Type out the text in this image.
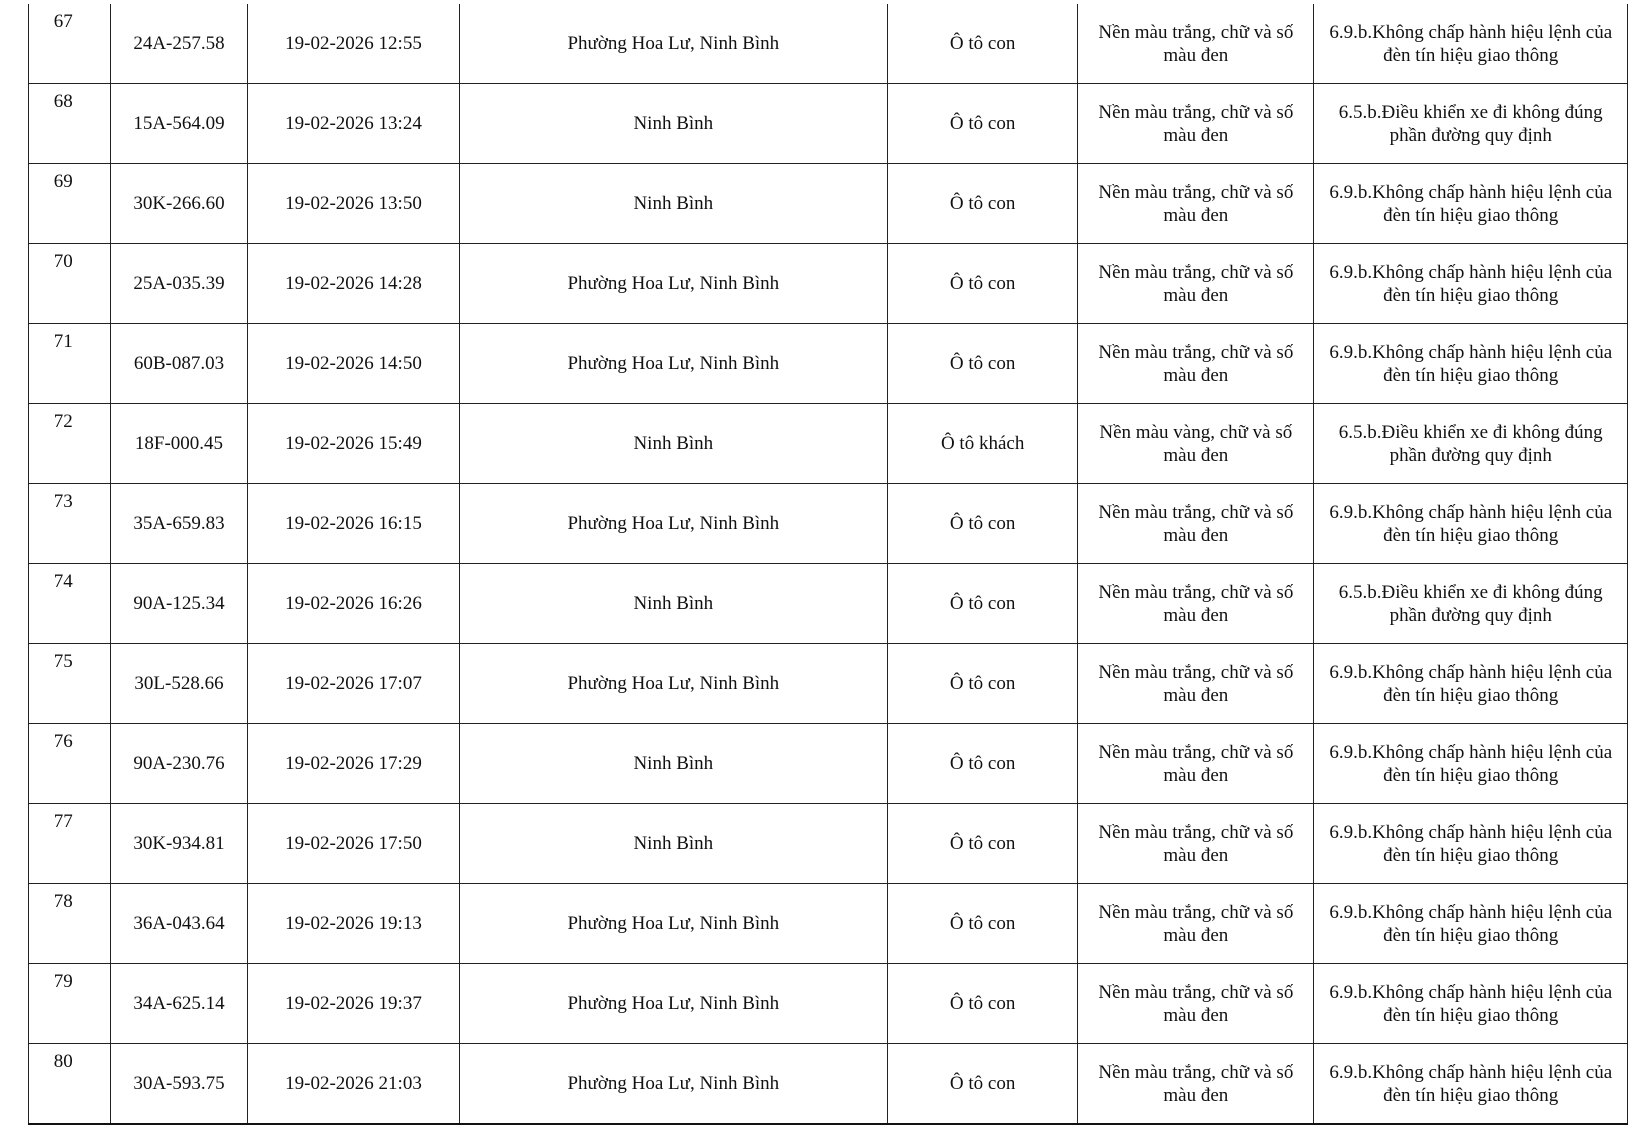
67	24A-257.58	19-02-2026 12:55	Phường Hoa Lư, Ninh Bình	Ô tô con	Nền màu trắng, chữ và số màu đen	6.9.b.Không chấp hành hiệu lệnh của đèn tín hiệu giao thông

68	15A-564.09	19-02-2026 13:24	Ninh Bình	Ô tô con	Nền màu trắng, chữ và số màu đen	6.5.b.Điều khiển xe đi không đúng phần đường quy định

69	30K-266.60	19-02-2026 13:50	Ninh Bình	Ô tô con	Nền màu trắng, chữ và số màu đen	6.9.b.Không chấp hành hiệu lệnh của đèn tín hiệu giao thông

70	25A-035.39	19-02-2026 14:28	Phường Hoa Lư, Ninh Bình	Ô tô con	Nền màu trắng, chữ và số màu đen	6.9.b.Không chấp hành hiệu lệnh của đèn tín hiệu giao thông

71	60B-087.03	19-02-2026 14:50	Phường Hoa Lư, Ninh Bình	Ô tô con	Nền màu trắng, chữ và số màu đen	6.9.b.Không chấp hành hiệu lệnh của đèn tín hiệu giao thông

72	18F-000.45	19-02-2026 15:49	Ninh Bình	Ô tô khách	Nền màu vàng, chữ và số màu đen	6.5.b.Điều khiển xe đi không đúng phần đường quy định

73	35A-659.83	19-02-2026 16:15	Phường Hoa Lư, Ninh Bình	Ô tô con	Nền màu trắng, chữ và số màu đen	6.9.b.Không chấp hành hiệu lệnh của đèn tín hiệu giao thông

74	90A-125.34	19-02-2026 16:26	Ninh Bình	Ô tô con	Nền màu trắng, chữ và số màu đen	6.5.b.Điều khiển xe đi không đúng phần đường quy định

75	30L-528.66	19-02-2026 17:07	Phường Hoa Lư, Ninh Bình	Ô tô con	Nền màu trắng, chữ và số màu đen	6.9.b.Không chấp hành hiệu lệnh của đèn tín hiệu giao thông

76	90A-230.76	19-02-2026 17:29	Ninh Bình	Ô tô con	Nền màu trắng, chữ và số màu đen	6.9.b.Không chấp hành hiệu lệnh của đèn tín hiệu giao thông

77	30K-934.81	19-02-2026 17:50	Ninh Bình	Ô tô con	Nền màu trắng, chữ và số màu đen	6.9.b.Không chấp hành hiệu lệnh của đèn tín hiệu giao thông

78	36A-043.64	19-02-2026 19:13	Phường Hoa Lư, Ninh Bình	Ô tô con	Nền màu trắng, chữ và số màu đen	6.9.b.Không chấp hành hiệu lệnh của đèn tín hiệu giao thông

79	34A-625.14	19-02-2026 19:37	Phường Hoa Lư, Ninh Bình	Ô tô con	Nền màu trắng, chữ và số màu đen	6.9.b.Không chấp hành hiệu lệnh của đèn tín hiệu giao thông

80	30A-593.75	19-02-2026 21:03	Phường Hoa Lư, Ninh Bình	Ô tô con	Nền màu trắng, chữ và số màu đen	6.9.b.Không chấp hành hiệu lệnh của đèn tín hiệu giao thông
